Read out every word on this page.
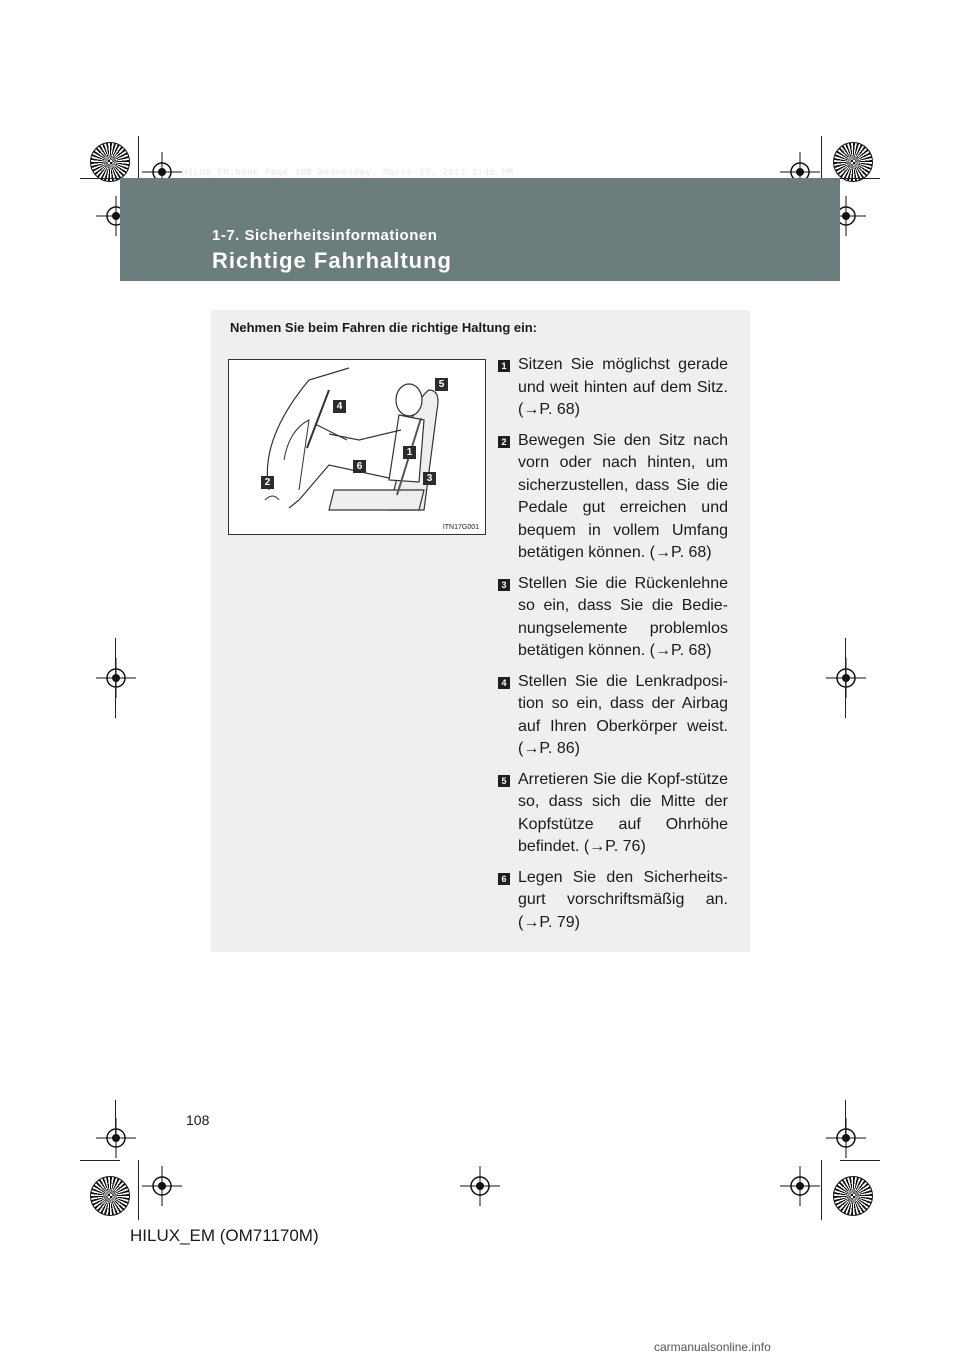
HILUX_EM.book Page 108 Wednesday, March 23, 2011 2:48 PM
1-7. Sicherheitsinformationen
Richtige Fahrhaltung
Nehmen Sie beim Fahren die richtige Haltung ein:
5
4
1
6
3
2
ITN17G001
1 Sitzen Sie möglichst gerade und weit hinten auf dem Sitz. (→P. 68)
2 Bewegen Sie den Sitz nach vorn oder nach hinten, um sicherzustellen, dass Sie die Pedale gut erreichen und bequem in vollem Umfang betätigen können. (→P. 68)
3 Stellen Sie die Rückenlehne so ein, dass Sie die Bedie-nungselemente problemlos betätigen können. (→P. 68)
4 Stellen Sie die Lenkradposi-tion so ein, dass der Airbag auf Ihren Oberkörper weist. (→P. 86)
5 Arretieren Sie die Kopf-stütze so, dass sich die Mitte der Kopfstütze auf Ohrhöhe befindet. (→P. 76)
6 Legen Sie den Sicherheits-gurt vorschriftsmäßig an. (→P. 79)
108
HILUX_EM (OM71170M)
carmanualsonline.info
